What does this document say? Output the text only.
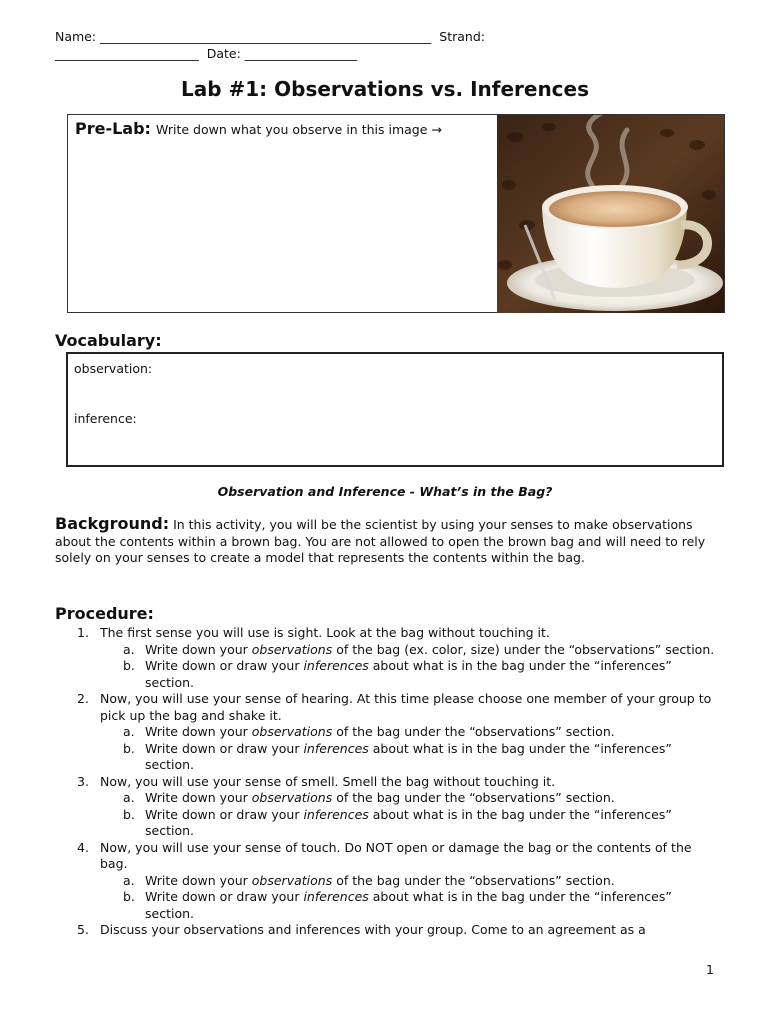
Name: _____________________________________________________  Strand:
_______________________  Date: __________________
Lab #1: Observations vs. Inferences
Pre-Lab: Write down what you observe in this image →
Vocabulary:
observation:
inference:
Observation and Inference - What’s in the Bag?
Background: In this activity, you will be the scientist by using your senses to make observations about the contents within a brown bag. You are not allowed to open the brown bag and will need to rely solely on your senses to create a model that represents the contents within the bag.
Procedure:
1. The first sense you will use is sight. Look at the bag without touching it.
a. Write down your observations of the bag (ex. color, size) under the “observations” section.
b. Write down or draw your inferences about what is in the bag under the “inferences” section.
2. Now, you will use your sense of hearing. At this time please choose one member of your group to pick up the bag and shake it.
a. Write down your observations of the bag under the “observations” section.
b. Write down or draw your inferences about what is in the bag under the “inferences” section.
3. Now, you will use your sense of smell. Smell the bag without touching it.
a. Write down your observations of the bag under the “observations” section.
b. Write down or draw your inferences about what is in the bag under the “inferences” section.
4. Now, you will use your sense of touch. Do NOT open or damage the bag or the contents of the bag.
a. Write down your observations of the bag under the “observations” section.
b. Write down or draw your inferences about what is in the bag under the “inferences” section.
5. Discuss your observations and inferences with your group. Come to an agreement as a
1
